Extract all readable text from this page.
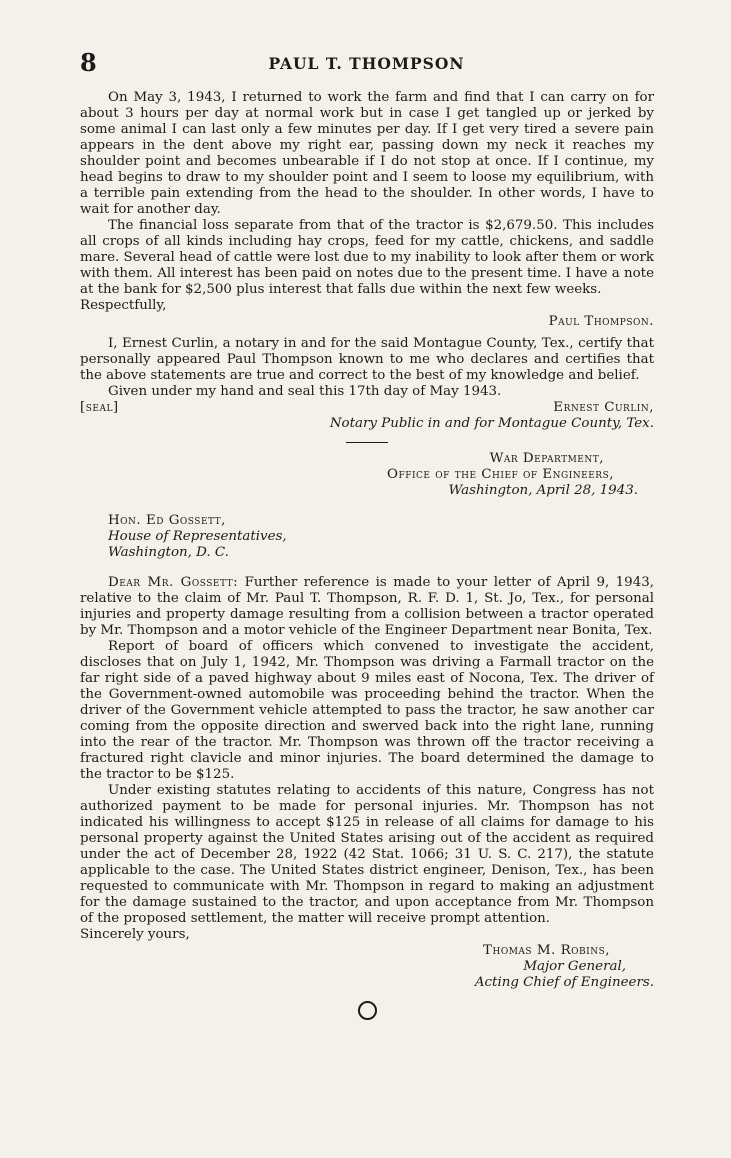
8	PAUL T. THOMPSON

On May 3, 1943, I returned to work the farm and find that I can carry on for about 3 hours per day at normal work but in case I get tangled up or jerked by some animal I can last only a few minutes per day. If I get very tired a severe pain appears in the dent above my right ear, passing down my neck it reaches my shoulder point and becomes unbearable if I do not stop at once. If I continue, my head begins to draw to my shoulder point and I seem to loose my equilibrium, with a terrible pain extending from the head to the shoulder. In other words, I have to wait for another day.

The financial loss separate from that of the tractor is $2,679.50. This includes all crops of all kinds including hay crops, feed for my cattle, chickens, and saddle mare. Several head of cattle were lost due to my inability to look after them or work with them. All interest has been paid on notes due to the present time. I have a note at the bank for $2,500 plus interest that falls due within the next few weeks.

Respectfully,

Paul Thompson.

I, Ernest Curlin, a notary in and for the said Montague County, Tex., certify that personally appeared Paul Thompson known to me who declares and certifies that the above statements are true and correct to the best of my knowledge and belief.

Given under my hand and seal this 17th day of May 1943.

[seal]	Ernest Curlin,

Notary Public in and for Montague County, Tex.

War Department,

Office of the Chief of Engineers,

Washington, April 28, 1943.

Hon. Ed Gossett,

House of Representatives,

Washington, D. C.

Dear Mr. Gossett: Further reference is made to your letter of April 9, 1943, relative to the claim of Mr. Paul T. Thompson, R. F. D. 1, St. Jo, Tex., for personal injuries and property damage resulting from a collision between a tractor operated by Mr. Thompson and a motor vehicle of the Engineer Department near Bonita, Tex.

Report of board of officers which convened to investigate the accident, discloses that on July 1, 1942, Mr. Thompson was driving a Farmall tractor on the far right side of a paved highway about 9 miles east of Nocona, Tex. The driver of the Government-owned automobile was proceeding behind the tractor. When the driver of the Government vehicle attempted to pass the tractor, he saw another car coming from the opposite direction and swerved back into the right lane, running into the rear of the tractor. Mr. Thompson was thrown off the tractor receiving a fractured right clavicle and minor injuries. The board determined the damage to the tractor to be $125.

Under existing statutes relating to accidents of this nature, Congress has not authorized payment to be made for personal injuries. Mr. Thompson has not indicated his willingness to accept $125 in release of all claims for damage to his personal property against the United States arising out of the accident as required under the act of December 28, 1922 (42 Stat. 1066; 31 U. S. C. 217), the statute applicable to the case. The United States district engineer, Denison, Tex., has been requested to communicate with Mr. Thompson in regard to making an adjustment for the damage sustained to the tractor, and upon acceptance from Mr. Thompson of the proposed settlement, the matter will receive prompt attention.

Sincerely yours,

Thomas M. Robins,

Major General,

Acting Chief of Engineers.
